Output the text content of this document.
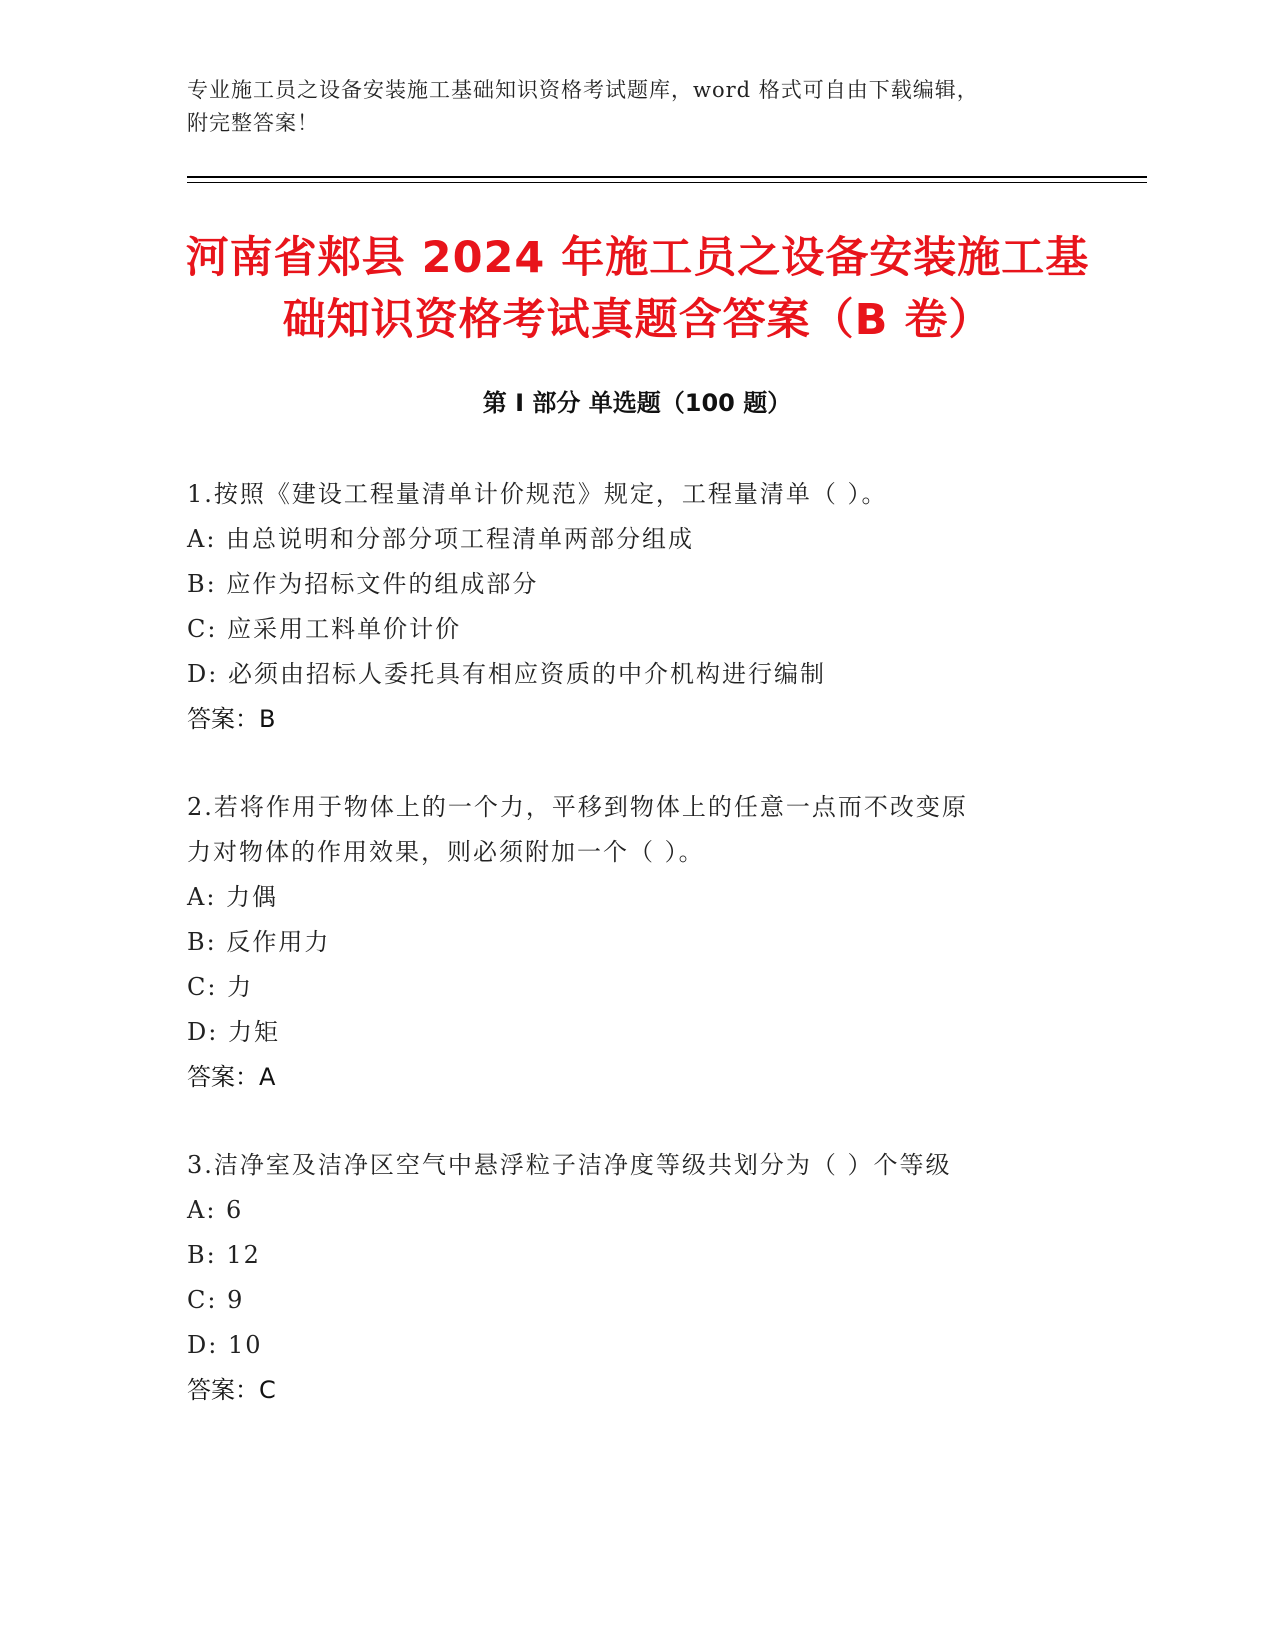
专业施工员之设备安装施工基础知识资格考试题库，word 格式可自由下载编辑，
附完整答案！
河南省郏县 2024 年施工员之设备安装施工基
础知识资格考试真题含答案（B 卷）
第 I 部分 单选题（100 题）

1.按照《建设工程量清单计价规范》规定，工程量清单（ ）。

A: 由总说明和分部分项工程清单两部分组成

B: 应作为招标文件的组成部分

C: 应采用工料单价计价

D: 必须由招标人委托具有相应资质的中介机构进行编制

答案：B

2.若将作用于物体上的一个力，平移到物体上的任意一点而不改变原

力对物体的作用效果，则必须附加一个（ ）。

A: 力偶

B: 反作用力

C: 力

D: 力矩

答案：A

3.洁净室及洁净区空气中悬浮粒子洁净度等级共划分为（ ）个等级

A: 6

B: 12

C: 9

D: 10

答案：C
